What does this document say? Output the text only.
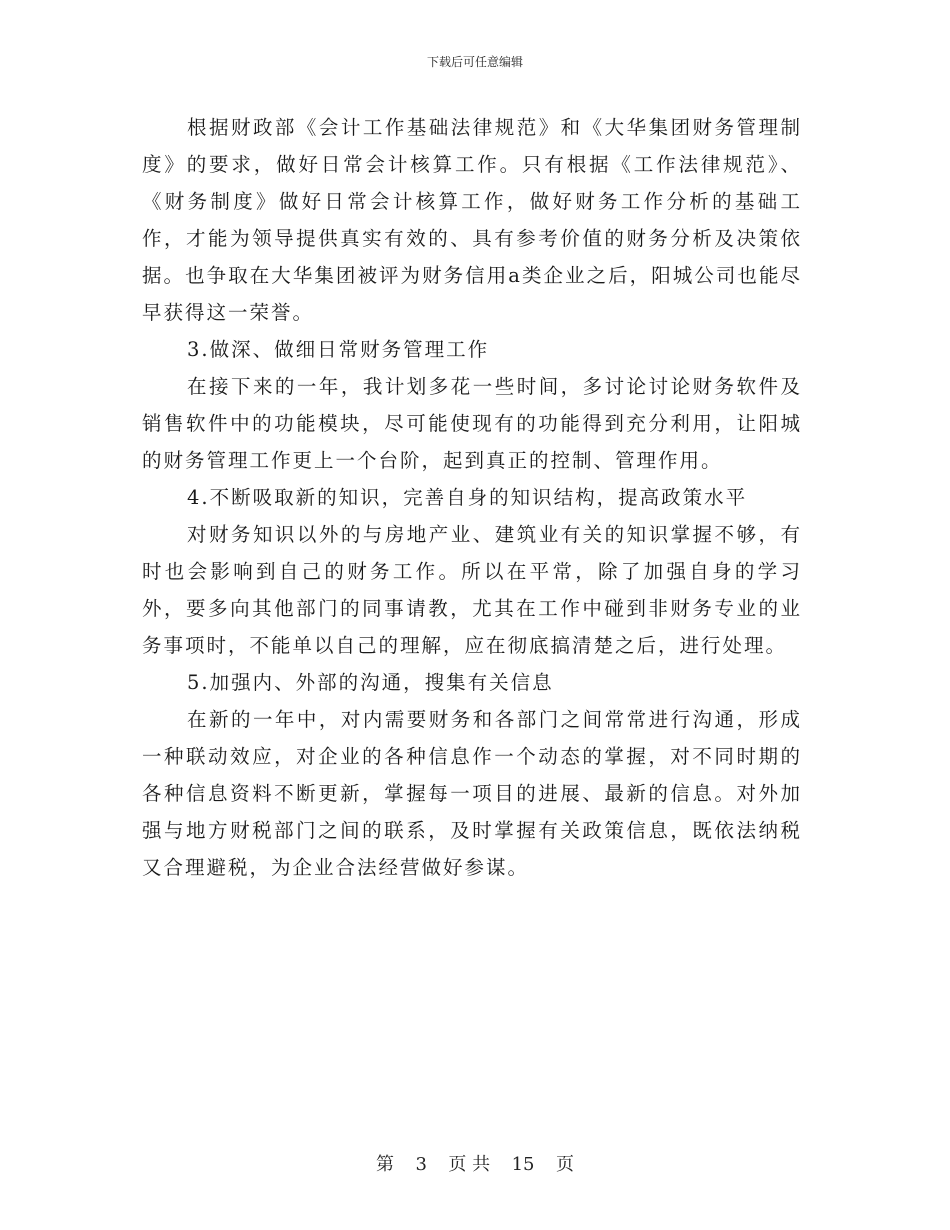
下载后可任意编辑

根据财政部《会计工作基础法律规范》和《大华集团财务管理制度》的要求，做好日常会计核算工作。只有根据《工作法律规范》、《财务制度》做好日常会计核算工作，做好财务工作分析的基础工作，才能为领导提供真实有效的、具有参考价值的财务分析及决策依据。也争取在大华集团被评为财务信用a类企业之后，阳城公司也能尽早获得这一荣誉。

3.做深、做细日常财务管理工作

在接下来的一年，我计划多花一些时间，多讨论讨论财务软件及销售软件中的功能模块，尽可能使现有的功能得到充分利用，让阳城的财务管理工作更上一个台阶，起到真正的控制、管理作用。

4.不断吸取新的知识，完善自身的知识结构，提高政策水平

对财务知识以外的与房地产业、建筑业有关的知识掌握不够，有时也会影响到自己的财务工作。所以在平常，除了加强自身的学习外，要多向其他部门的同事请教，尤其在工作中碰到非财务专业的业务事项时，不能单以自己的理解，应在彻底搞清楚之后，进行处理。

5.加强内、外部的沟通，搜集有关信息

在新的一年中，对内需要财务和各部门之间常常进行沟通，形成一种联动效应，对企业的各种信息作一个动态的掌握，对不同时期的各种信息资料不断更新，掌握每一项目的进展、最新的信息。对外加强与地方财税部门之间的联系，及时掌握有关政策信息，既依法纳税又合理避税，为企业合法经营做好参谋。

第 3 页 共 15 页
